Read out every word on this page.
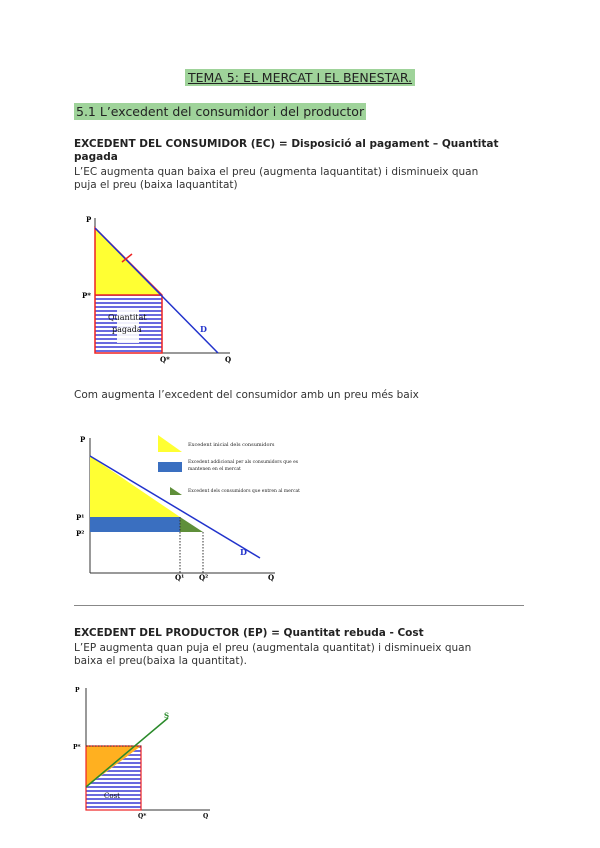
TEMA 5: EL MERCAT I EL BENESTAR.
5.1 L’excedent del consumidor i del productor
EXCEDENT DEL CONSUMIDOR (EC) = Disposició al pagament – Quantitat
pagada
L’EC augmenta quan baixa el preu (augmenta laquantitat) i disminueix quan
puja el preu (baixa laquantitat)
P
P*
Q*	Q
D
Quantitat
pagada
Com augmenta l’excedent del consumidor amb un preu més baix
P
P¹
P²
Q¹ Q²	Q
D
Excedent inicial dels consumidors
Excedent addicional per als consumidors que es
mantenen en el mercat
Excedent dels consumidors que entren al mercat
EXCEDENT DEL PRODUCTOR (EP) = Quantitat rebuda - Cost
L’EP augmenta quan puja el preu (augmentala quantitat) i disminueix quan
baixa el preu(baixa la quantitat).
P
P*
Q*	Q
S
Cost
